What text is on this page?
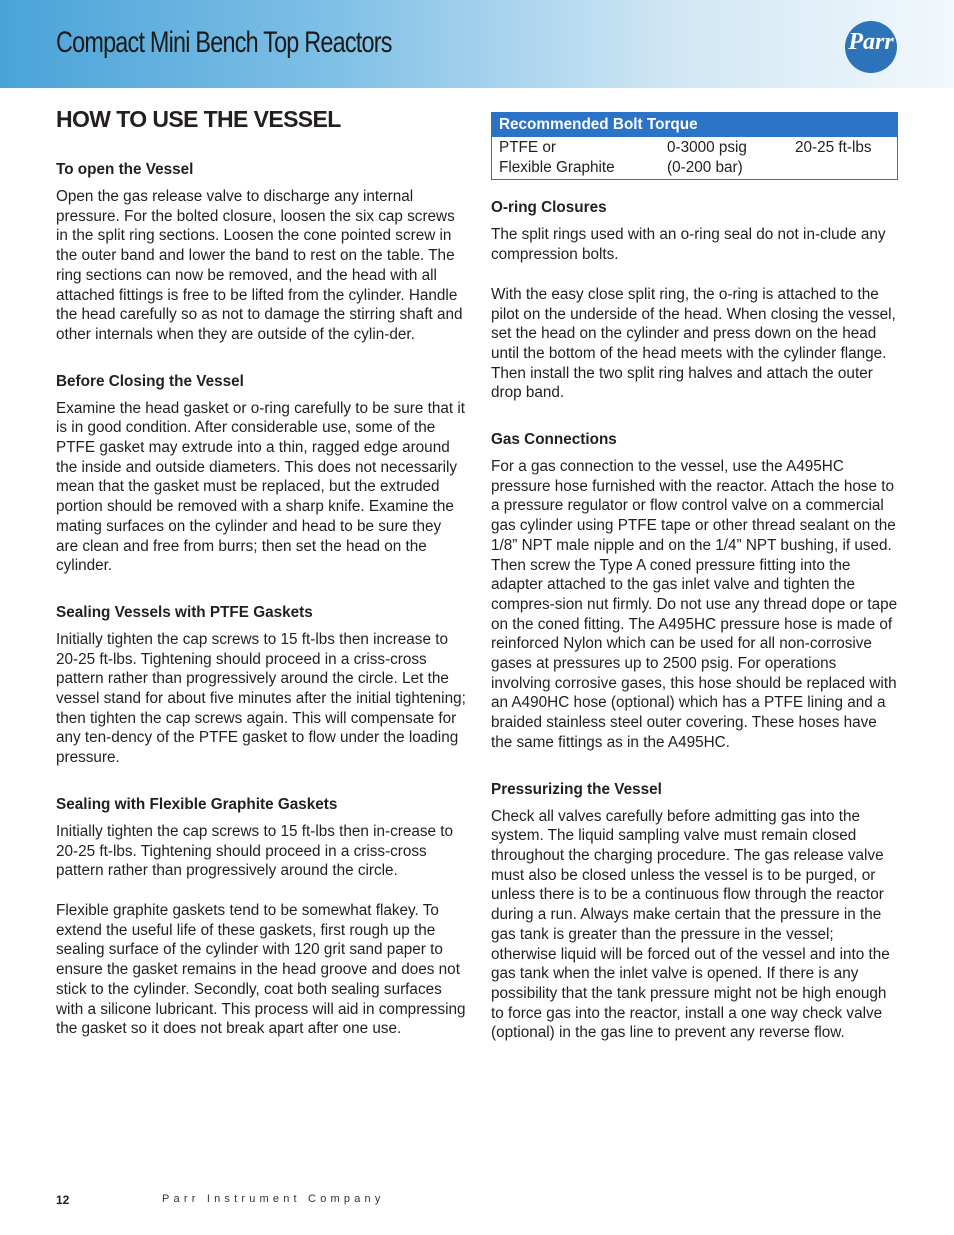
Compact Mini Bench Top Reactors	Parr
HOW TO USE THE VESSEL
To open the Vessel

Open the gas release valve to discharge any internal pressure. For the bolted closure, loosen the six cap screws in the split ring sections. Loosen the cone pointed screw in the outer band and lower the band to rest on the table. The ring sections can now be removed, and the head with all attached fittings is free to be lifted from the cylinder. Handle the head carefully so as not to damage the stirring shaft and other internals when they are outside of the cylin-der.

Before Closing the Vessel

Examine the head gasket or o-ring carefully to be sure that it is in good condition. After considerable use, some of the PTFE gasket may extrude into a thin, ragged edge around the inside and outside diameters. This does not necessarily mean that the gasket must be replaced, but the extruded portion should be removed with a sharp knife. Examine the mating surfaces on the cylinder and head to be sure they are clean and free from burrs; then set the head on the cylinder.

Sealing Vessels with PTFE Gaskets

Initially tighten the cap screws to 15 ft-lbs then increase to 20-25 ft-lbs. Tightening should proceed in a criss-cross pattern rather than progressively around the circle. Let the vessel stand for about five minutes after the initial tightening; then tighten the cap screws again. This will compensate for any ten-dency of the PTFE gasket to flow under the loading pressure.

Sealing with Flexible Graphite Gaskets

Initially tighten the cap screws to 15 ft-lbs then in-crease to 20-25 ft-lbs. Tightening should proceed in a criss-cross pattern rather than progressively around the circle.

Flexible graphite gaskets tend to be somewhat flakey. To extend the useful life of these gaskets, first rough up the sealing surface of the cylinder with 120 grit sand paper to ensure the gasket remains in the head groove and does not stick to the cylinder. Secondly, coat both sealing surfaces with a silicone lubricant. This process will aid in compressing the gasket so it does not break apart after one use.

Recommended Bolt Torque
PTFE or
Flexible Graphite
0-3000 psig
(0-200 bar)
20-25 ft-lbs
O-ring Closures

The split rings used with an o-ring seal do not in-clude any compression bolts.

With the easy close split ring, the o-ring is attached to the pilot on the underside of the head. When closing the vessel, set the head on the cylinder and press down on the head until the bottom of the head meets with the cylinder flange. Then install the two split ring halves and attach the outer drop band.

Gas Connections

For a gas connection to the vessel, use the A495HC pressure hose furnished with the reactor. Attach the hose to a pressure regulator or flow control valve on a commercial gas cylinder using PTFE tape or other thread sealant on the 1/8” NPT male nipple and on the 1/4” NPT bushing, if used. Then screw the Type A coned pressure fitting into the adapter attached to the gas inlet valve and tighten the compres-sion nut firmly. Do not use any thread dope or tape on the coned fitting. The A495HC pressure hose is made of reinforced Nylon which can be used for all non-corrosive gases at pressures up to 2500 psig. For operations involving corrosive gases, this hose should be replaced with an A490HC hose (optional) which has a PTFE lining and a braided stainless steel outer covering. These hoses have the same fittings as in the A495HC.

Pressurizing the Vessel

Check all valves carefully before admitting gas into the system. The liquid sampling valve must remain closed throughout the charging procedure. The gas release valve must also be closed unless the vessel is to be purged, or unless there is to be a continuous flow through the reactor during a run. Always make certain that the pressure in the gas tank is greater than the pressure in the vessel; otherwise liquid will be forced out of the vessel and into the gas tank when the inlet valve is opened. If there is any possibility that the tank pressure might not be high enough to force gas into the reactor, install a one way check valve (optional) in the gas line to prevent any reverse flow.

12	Parr Instrument Company
